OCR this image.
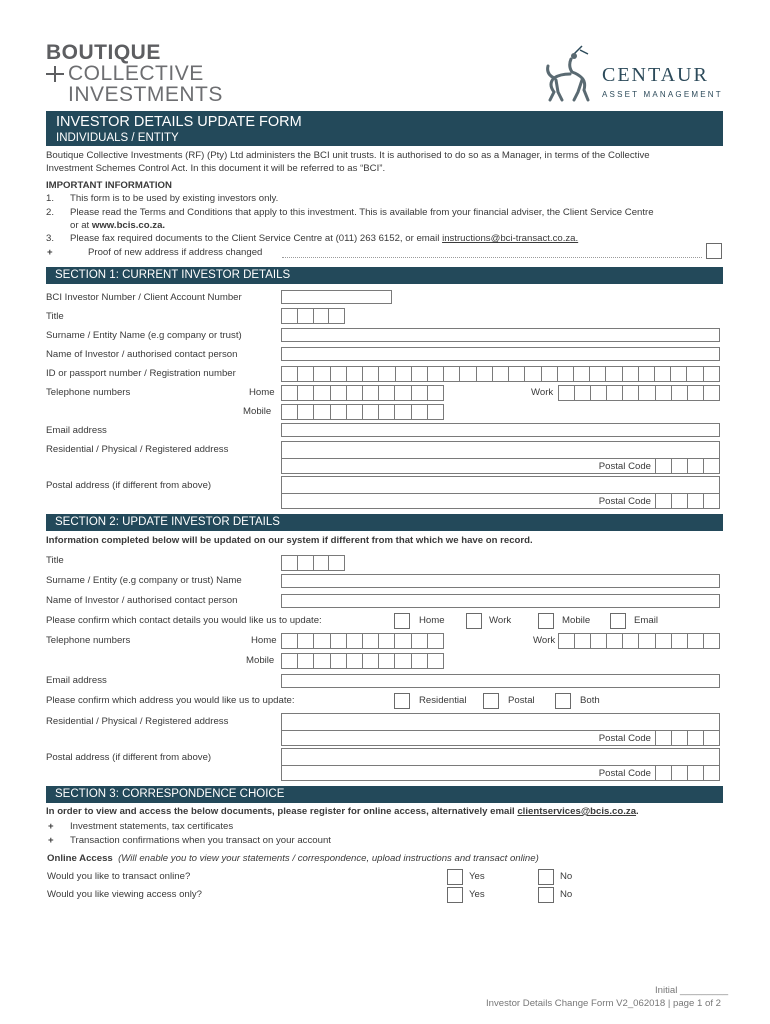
BOUTIQUE
COLLECTIVE
INVESTMENTS
CENTAUR
ASSET MANAGEMENT
INVESTOR DETAILS UPDATE FORM
INDIVIDUALS / ENTITY
Boutique Collective Investments (RF) (Pty) Ltd administers the BCI unit trusts. It is authorised to do so as a Manager, in terms of the Collective
Investment Schemes Control Act. In this document it will be referred to as “BCI”.
IMPORTANT INFORMATION
1. This form is to be used by existing investors only.
2. Please read the Terms and Conditions that apply to this investment. This is available from your financial adviser, the Client Service Centre
or at www.bcis.co.za.
3. Please fax required documents to the Client Service Centre at (011) 263 6152, or email instructions@bci-transact.co.za.
+	Proof of new address if address changed
SECTION 1: CURRENT INVESTOR DETAILS
BCI Investor Number / Client Account Number
Title
Surname / Entity Name (e.g company or trust)
Name of Investor / authorised contact person
ID or passport number / Registration number
Telephone numbers	Home	Work
Mobile
Email address
Residential / Physical / Registered address
Postal Code
Postal address (if different from above)
Postal Code
SECTION 2: UPDATE INVESTOR DETAILS
Information completed below will be updated on our system if different from that which we have on record.
Title
Surname / Entity (e.g company or trust) Name
Name of Investor / authorised contact person
Please confirm which contact details you would like us to update:	Home	Work	Mobile	Email
Telephone numbers	Home	Work
Mobile
Email address
Please confirm which address you would like us to update:	Residential	Postal	Both
Residential / Physical / Registered address
Postal Code
Postal address (if different from above)
Postal Code
SECTION 3: CORRESPONDENCE CHOICE
In order to view and access the below documents, please register for online access, alternatively email clientservices@bcis.co.za.
+ Investment statements, tax certificates
+ Transaction confirmations when you transact on your account
Online Access (Will enable you to view your statements / correspondence, upload instructions and transact online)
Would you like to transact online?	Yes	No
Would you like viewing access only?	Yes	No
Initial _________
Investor Details Change Form V2_062018 | page 1 of 2
